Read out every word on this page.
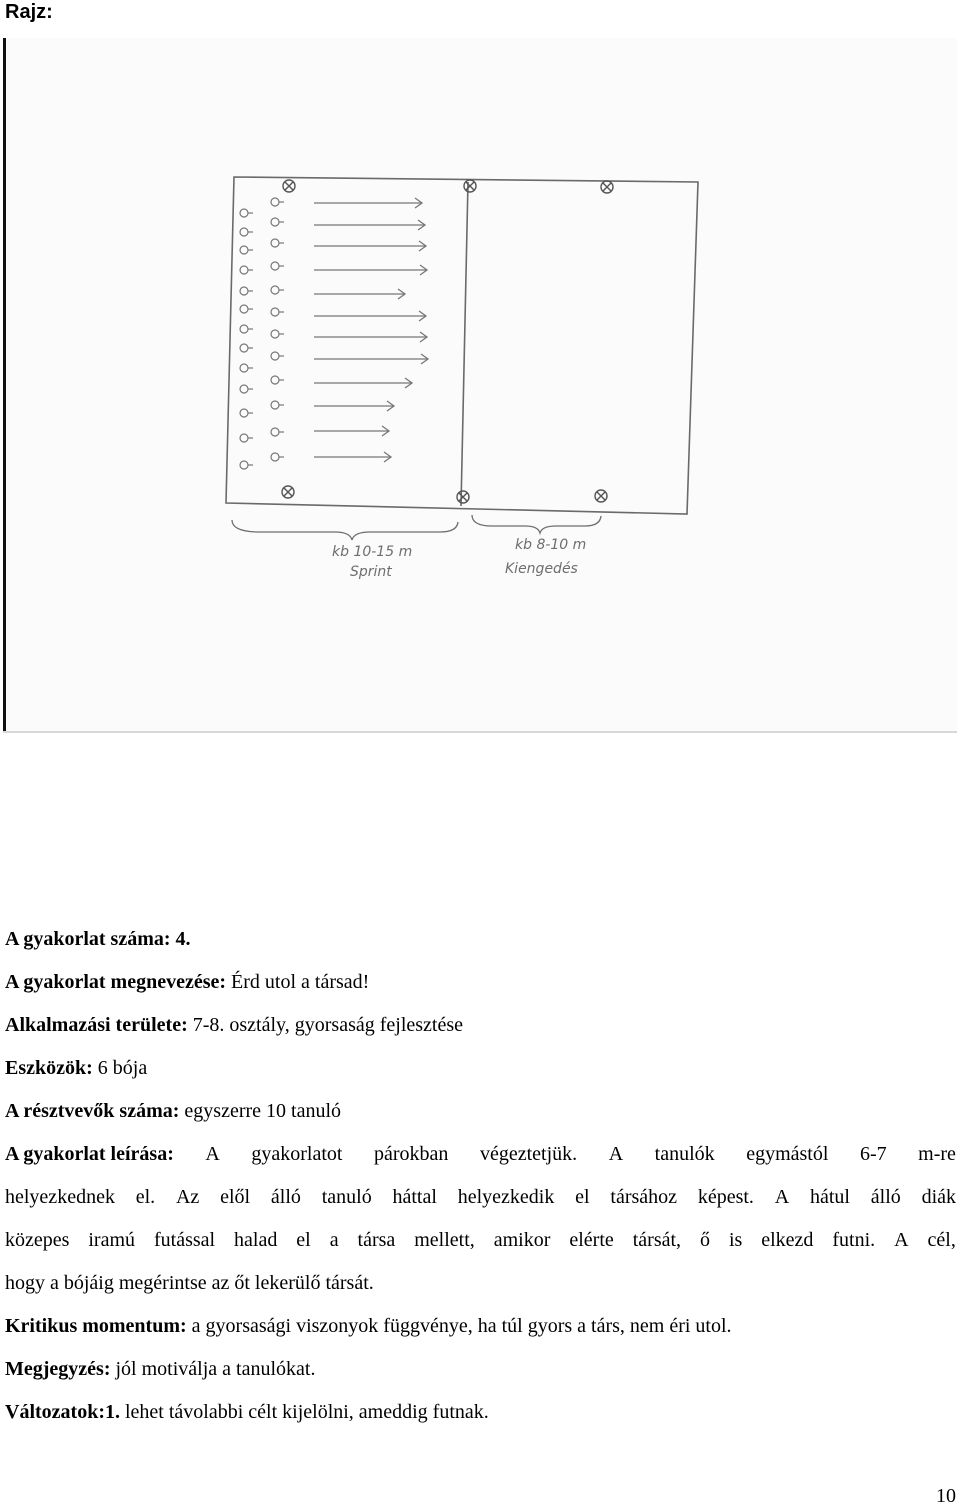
Rajz:
kb 10-15 m
Sprint
kb 8-10 m
Kiengedés
A gyakorlat száma: 4.
A gyakorlat megnevezése: Érd utol a társad!
Alkalmazási területe: 7-8. osztály, gyorsaság fejlesztése
Eszközök: 6 bója
A résztvevők száma: egyszerre 10 tanuló
A gyakorlat leírása: A gyakorlatot párokban végeztetjük. A tanulók egymástól 6-7 m-re
helyezkednek el. Az elől álló tanuló háttal helyezkedik el társához képest. A hátul álló diák
közepes iramú futással halad el a társa mellett, amikor elérte társát, ő is elkezd futni. A cél,
hogy a bójáig megérintse az őt lekerülő társát.
Kritikus momentum: a gyorsasági viszonyok függvénye, ha túl gyors a társ, nem éri utol.
Megjegyzés: jól motiválja a tanulókat.
Változatok:1. lehet távolabbi célt kijelölni, ameddig futnak.
10
